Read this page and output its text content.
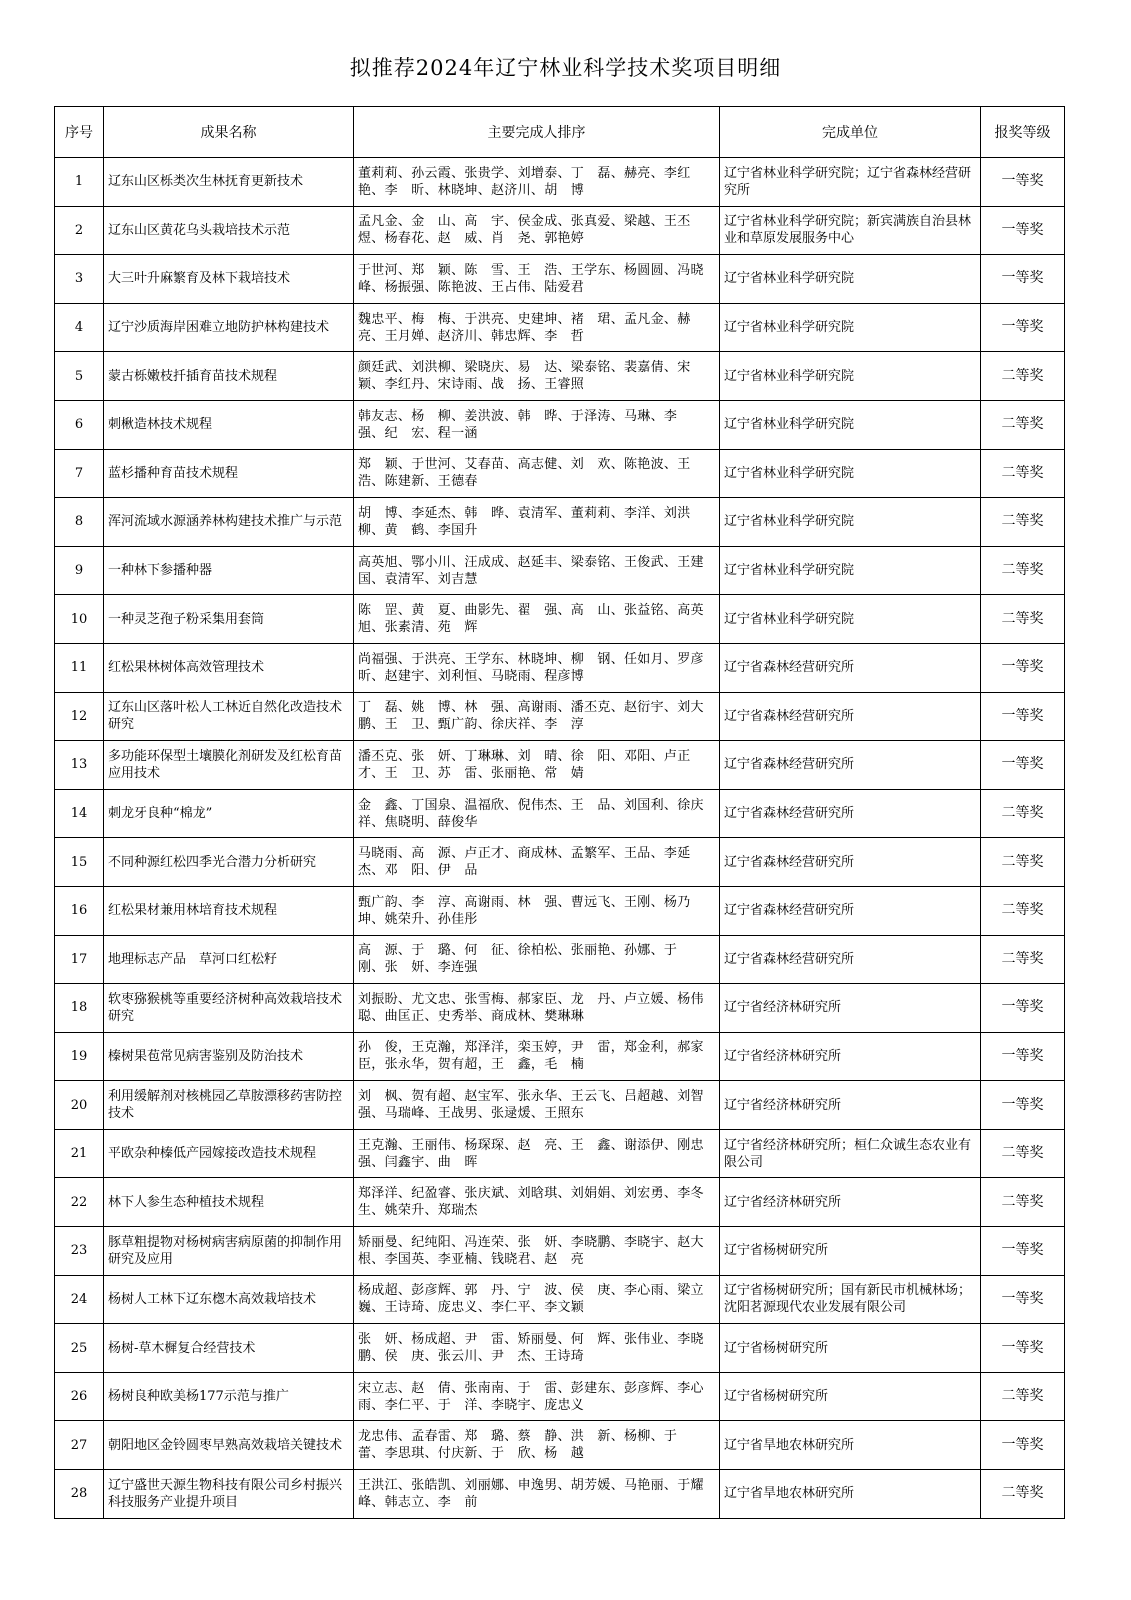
拟推荐2024年辽宁林业科学技术奖项目明细
序号	成果名称	主要完成人排序	完成单位	报奖等级
1	辽东山区栎类次生林抚育更新技术	董莉莉、孙云霞、张贵学、刘增泰、丁　磊、赫亮、李红艳、李　昕、林晓坤、赵济川、胡　博	辽宁省林业科学研究院；辽宁省森林经营研究所	一等奖
2	辽东山区黄花乌头栽培技术示范	孟凡金、金　山、高　宇、侯金成、张真爱、梁越、王丕煜、杨春花、赵　威、肖　尧、郭艳婷	辽宁省林业科学研究院；新宾满族自治县林业和草原发展服务中心	一等奖
3	大三叶升麻繁育及林下栽培技术	于世河、郑　颖、陈　雪、王　浩、王学东、杨圆圆、冯晓峰、杨振强、陈艳波、王占伟、陆爱君	辽宁省林业科学研究院	一等奖
4	辽宁沙质海岸困难立地防护林构建技术	魏忠平、梅　梅、于洪亮、史建坤、褚　珺、孟凡金、赫　亮、王月婵、赵济川、韩忠辉、李　哲	辽宁省林业科学研究院	一等奖
5	蒙古栎嫩枝扦插育苗技术规程	颜廷武、刘洪柳、梁晓庆、易　达、梁泰铭、裴嘉倩、宋　颖、李红丹、宋诗雨、战　扬、王睿照	辽宁省林业科学研究院	二等奖
6	刺楸造林技术规程	韩友志、杨　柳、姜洪波、韩　晔、于泽涛、马琳、李　强、纪　宏、程一涵	辽宁省林业科学研究院	二等奖
7	蓝杉播种育苗技术规程	郑　颖、于世河、艾春苗、高志健、刘　欢、陈艳波、王　浩、陈建新、王德春	辽宁省林业科学研究院	二等奖
8	浑河流域水源涵养林构建技术推广与示范	胡　博、李延杰、韩　晔、袁清军、董莉莉、李洋、刘洪柳、黄　鹤、李国升	辽宁省林业科学研究院	二等奖
9	一种林下参播种器	高英旭、鄂小川、汪成成、赵延丰、梁泰铭、王俊武、王建国、袁清军、刘吉慧	辽宁省林业科学研究院	二等奖
10	一种灵芝孢子粉采集用套筒	陈　罡、黄　夏、曲影先、翟　强、高　山、张益铭、高英旭、张素清、苑　辉	辽宁省林业科学研究院	二等奖
11	红松果林树体高效管理技术	尚福强、于洪亮、王学东、林晓坤、柳　钢、任如月、罗彦昕、赵建宇、刘利恒、马晓雨、程彦博	辽宁省森林经营研究所	一等奖
12	辽东山区落叶松人工林近自然化改造技术研究	丁　磊、姚　博、林　强、高谢雨、潘丕克、赵衍宇、刘大鹏、王　卫、甄广韵、徐庆祥、李　淳	辽宁省森林经营研究所	一等奖
13	多功能环保型土壤膜化剂研发及红松育苗应用技术	潘丕克、张　妍、丁琳琳、刘　晴、徐　阳、邓阳、卢正才、王　卫、苏　雷、张丽艳、常　婧	辽宁省森林经营研究所	一等奖
14	刺龙牙良种“棉龙”	金　鑫、丁国泉、温福欣、倪伟杰、王　品、刘国利、徐庆祥、焦晓明、薛俊华	辽宁省森林经营研究所	二等奖
15	不同种源红松四季光合潜力分析研究	马晓雨、高　源、卢正才、商成林、孟繁军、王品、李延杰、邓　阳、伊　品	辽宁省森林经营研究所	二等奖
16	红松果材兼用林培育技术规程	甄广韵、李　淳、高谢雨、林　强、曹远飞、王刚、杨乃坤、姚荣升、孙佳彤	辽宁省森林经营研究所	二等奖
17	地理标志产品　草河口红松籽	高　源、于　璐、何　征、徐柏松、张丽艳、孙娜、于　刚、张　妍、李连强	辽宁省森林经营研究所	二等奖
18	软枣猕猴桃等重要经济树种高效栽培技术研究	刘振盼、尤文忠、张雪梅、郝家臣、龙　丹、卢立媛、杨伟聪、曲匡正、史秀举、商成林、樊琳琳	辽宁省经济林研究所	一等奖
19	榛树果苞常见病害鉴别及防治技术	孙　俊，王克瀚，郑泽洋，栾玉婷，尹　雷，郑金利，郝家臣，张永华，贺有超，王　鑫，毛　楠	辽宁省经济林研究所	一等奖
20	利用缓解剂对核桃园乙草胺漂移药害防控技术	刘　枫、贺有超、赵宝军、张永华、王云飞、吕超越、刘智强、马瑞峰、王战男、张逯煖、王照东	辽宁省经济林研究所	一等奖
21	平欧杂种榛低产园嫁接改造技术规程	王克瀚、王丽伟、杨琛琛、赵　亮、王　鑫、谢添伊、刚忠强、闫鑫宇、曲　晖	辽宁省经济林研究所；桓仁众诚生态农业有限公司	二等奖
22	林下人参生态种植技术规程	郑泽洋、纪盈睿、张庆斌、刘晗琪、刘娟娟、刘宏勇、李冬生、姚荣升、郑瑞杰	辽宁省经济林研究所	二等奖
23	豚草粗提物对杨树病害病原菌的抑制作用研究及应用	矫丽曼、纪纯阳、冯连荣、张　妍、李晓鹏、李晓宇、赵大根、李国英、李亚楠、钱晓君、赵　亮	辽宁省杨树研究所	一等奖
24	杨树人工林下辽东楤木高效栽培技术	杨成超、彭彦辉、郭　丹、宁　波、侯　庚、李心雨、梁立巍、王诗琦、庞忠义、李仁平、李文颖	辽宁省杨树研究所；国有新民市机械林场；沈阳茗源现代农业发展有限公司	一等奖
25	杨树-草木樨复合经营技术	张　妍、杨成超、尹　雷、矫丽曼、何　辉、张伟业、李晓鹏、侯　庚、张云川、尹　杰、王诗琦	辽宁省杨树研究所	一等奖
26	杨树良种欧美杨177示范与推广	宋立志、赵　倩、张南南、于　雷、彭建东、彭彦辉、李心雨、李仁平、于　洋、李晓宇、庞忠义	辽宁省杨树研究所	二等奖
27	朝阳地区金铃圆枣早熟高效栽培关键技术	龙忠伟、孟春雷、郑　璐、蔡　静、洪　新、杨柳、于　蕾、李思琪、付庆新、于　欣、杨　越	辽宁省旱地农林研究所	一等奖
28	辽宁盛世天源生物科技有限公司乡村振兴科技服务产业提升项目	王洪江、张皓凯、刘丽娜、申逸男、胡芳媛、马艳丽、于耀峰、韩志立、李　前	辽宁省旱地农林研究所	二等奖
